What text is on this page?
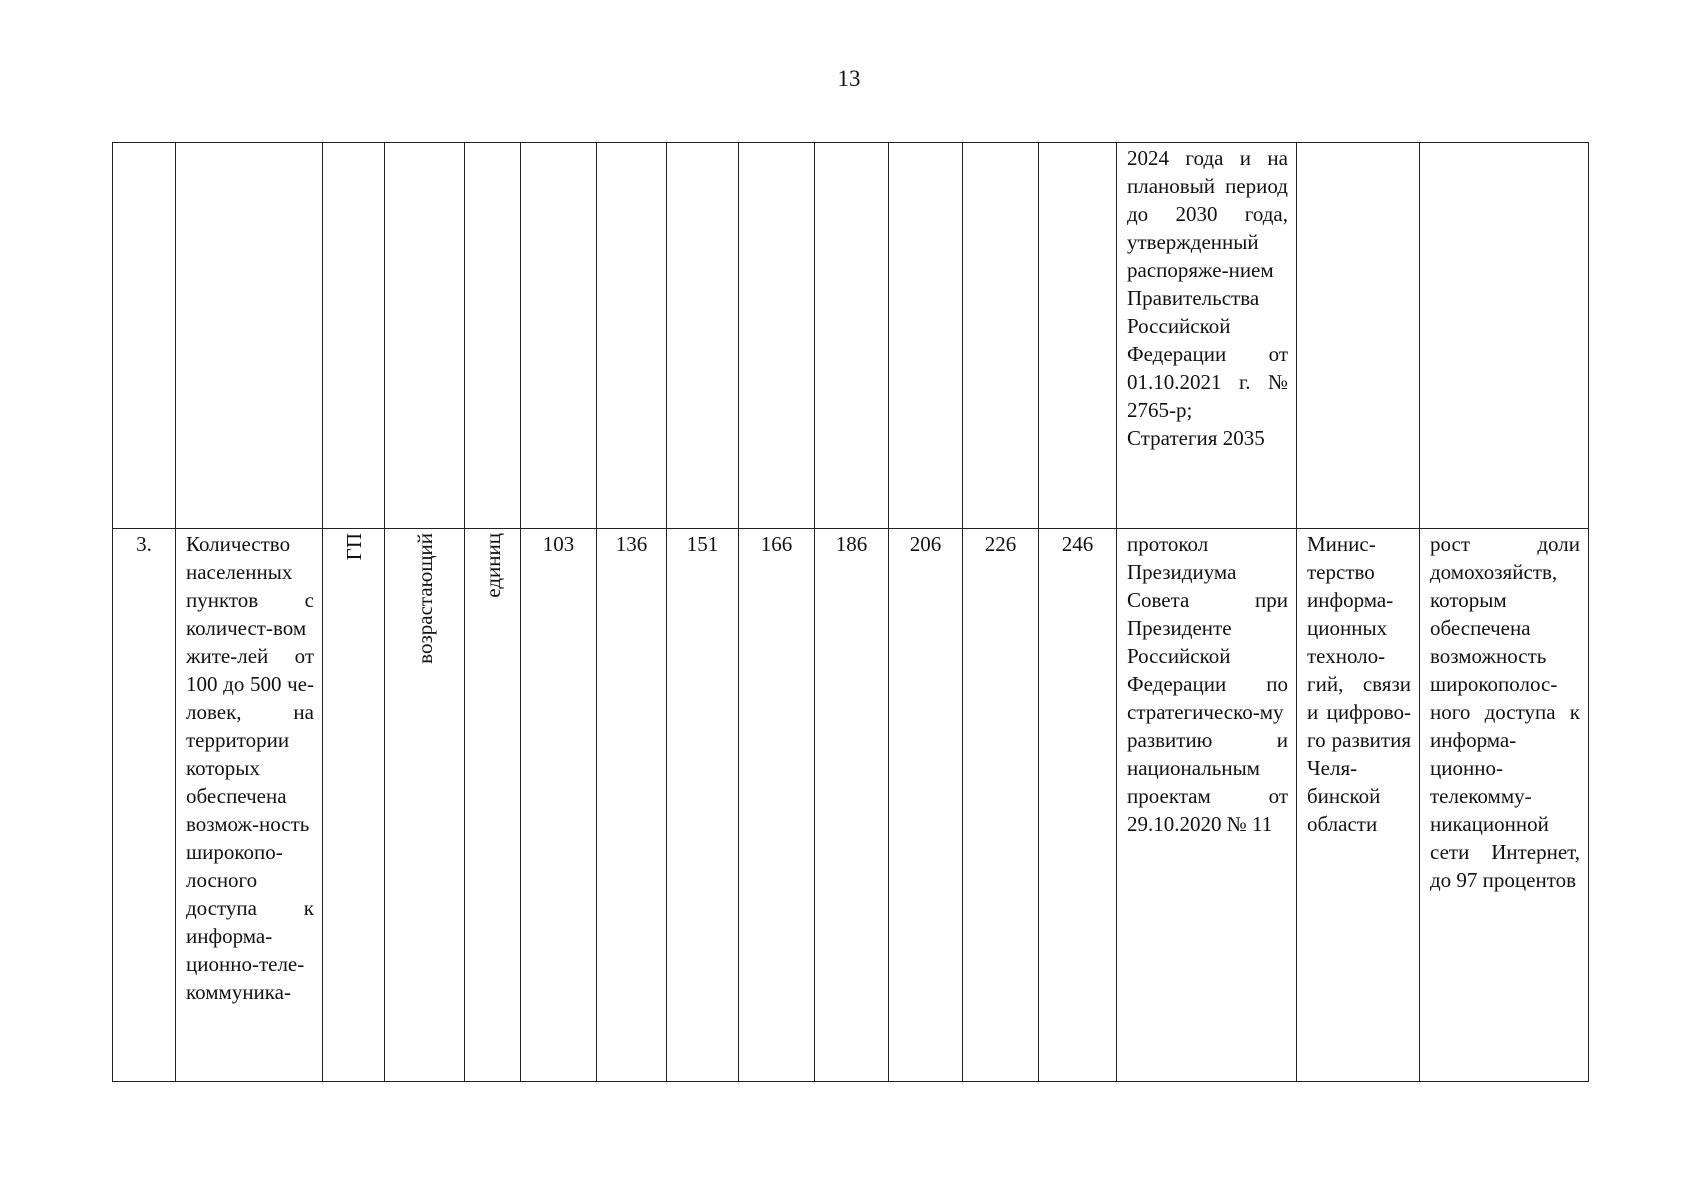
13

													2024 года и на плановый период до 2030 года, утвержденный распоряже-нием Правительства Российской Федерации от 01.10.2021 г. № 2765-р; Стратегия 2035		

3.	Количество населенных пунктов с количест-вом жите-лей от 100 до 500 че-ловек, на территории которых обеспечена возмож-ность широкопо-лосного доступа к информа-ционно-теле-коммуника-	ГП	возрастающий	единиц	103	136	151	166	186	206	226	246	протокол Президиума Совета при Президенте Российской Федерации по стратегическо-му развитию и национальным проектам от 29.10.2020 № 11	Минис-терство информа-ционных техноло-гий, связи и цифрово-го развития Челя-бинской области	рост доли домохозяйств, которым обеспечена возможность широкополос-ного доступа к информа-ционно-телекомму-никационной сети Интернет, до 97 процентов
